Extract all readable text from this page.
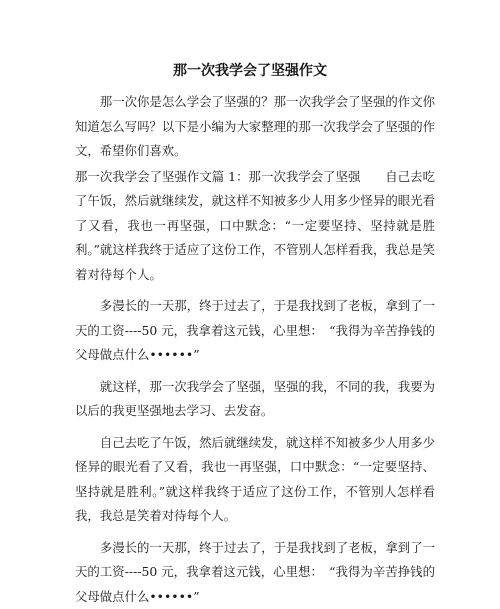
那一次我学会了坚强作文

那一次你是怎么学会了坚强的？那一次我学会了坚强的作文你知道怎么写吗？以下是小编为大家整理的那一次我学会了坚强的作文，希望你们喜欢。

那一次我学会了坚强作文篇 1：那一次我学会了坚强　　自己去吃了午饭，然后就继续发，就这样不知被多少人用多少怪异的眼光看了又看，我也一再坚强，口中默念：“一定要坚持、坚持就是胜利。”就这样我终于适应了这份工作，不管别人怎样看我，我总是笑着对待每个人。

多漫长的一天那，终于过去了，于是我找到了老板，拿到了一天的工资----50 元，我拿着这元钱，心里想：　“我得为辛苦挣钱的父母做点什么••••••”

就这样，那一次我学会了坚强，坚强的我，不同的我，我要为以后的我更坚强地去学习、去发奋。

自己去吃了午饭，然后就继续发，就这样不知被多少人用多少怪异的眼光看了又看，我也一再坚强，口中默念：“一定要坚持、坚持就是胜利。”就这样我终于适应了这份工作，不管别人怎样看我，我总是笑着对待每个人。

多漫长的一天那，终于过去了，于是我找到了老板，拿到了一天的工资----50 元，我拿着这元钱，心里想：　“我得为辛苦挣钱的父母做点什么••••••”
